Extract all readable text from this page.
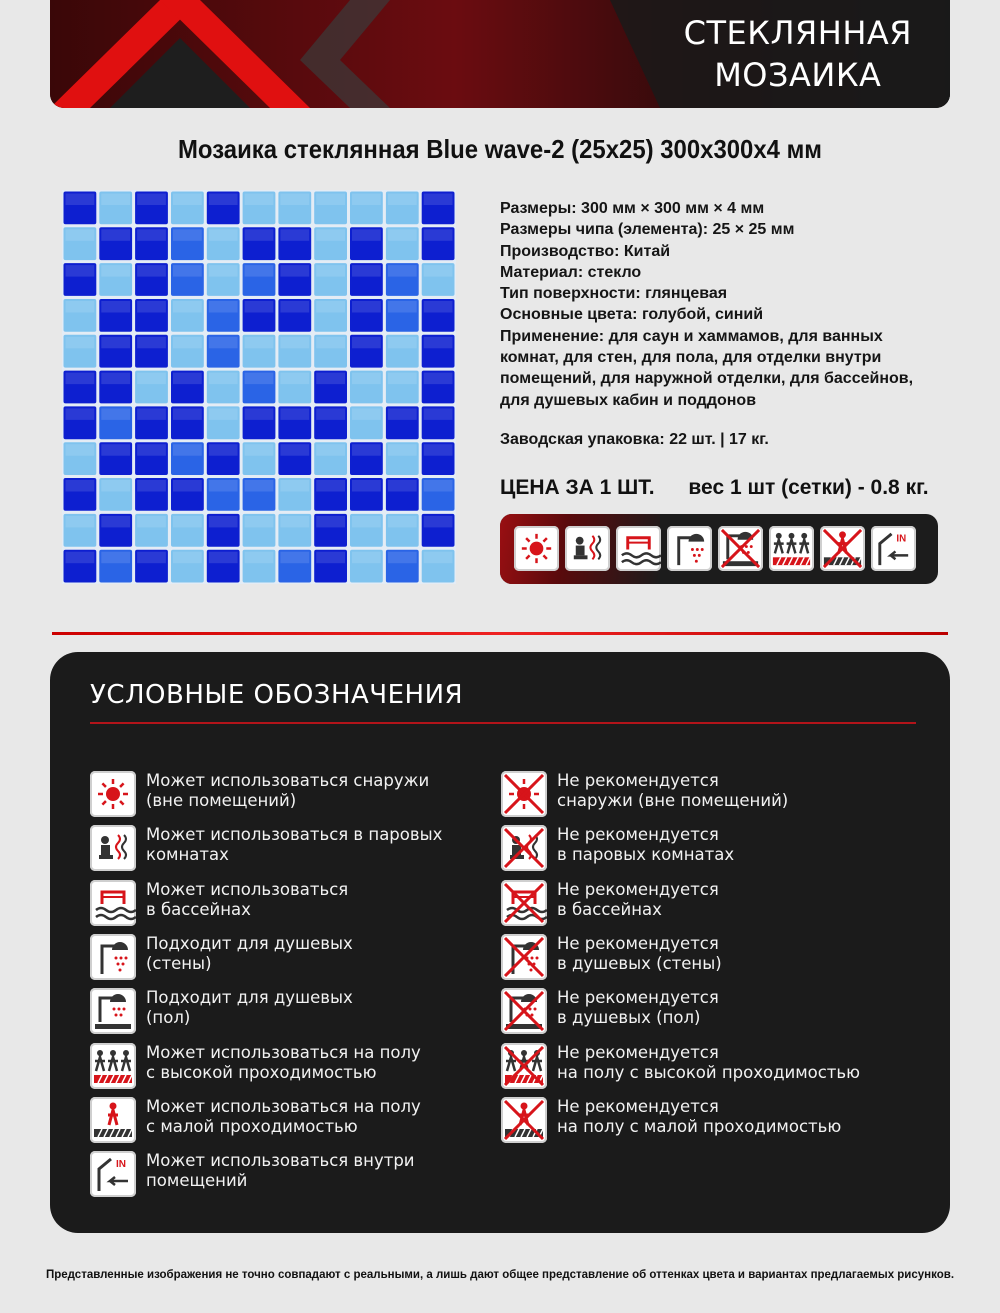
СТЕКЛЯННАЯ
МОЗАИКА
Мозаика стеклянная Blue wave-2 (25х25) 300х300х4 мм
Размеры: 300 мм × 300 мм × 4 мм
Размеры чипа (элемента): 25 × 25 мм
Производство: Китай
Материал: стекло
Тип поверхности: глянцевая
Основные цвета: голубой, синий
Применение: для саун и хаммамов, для ванных
комнат, для стен, для пола, для отделки внутри
помещений, для наружной отделки, для бассейнов,
для душевых кабин и поддонов
Заводская упаковка: 22 шт. | 17 кг.
ЦЕНА ЗА 1 ШТ. вес 1 шт (сетки) - 0.8 кг.
IN
УСЛОВНЫЕ ОБОЗНАЧЕНИЯ
Может использоваться снаружи
(вне помещений)
Может использоваться в паровых
комнатах
Может использоваться
в бассейнах
Подходит для душевых
(стены)
Подходит для душевых
(пол)
Может использоваться на полу
с высокой проходимостью
Может использоваться на полу
с малой проходимостью
IN Может использоваться внутри
помещений
Не рекомендуется
снаружи (вне помещений)
Не рекомендуется
в паровых комнатах
Не рекомендуется
в бассейнах
Не рекомендуется
в душевых (стены)
Не рекомендуется
в душевых (пол)
Не рекомендуется
на полу с высокой проходимостью
Не рекомендуется
на полу с малой проходимостью
Представленные изображения не точно совпадают с реальными, а лишь дают общее представление об оттенках цвета и вариантах предлагаемых рисунков.
